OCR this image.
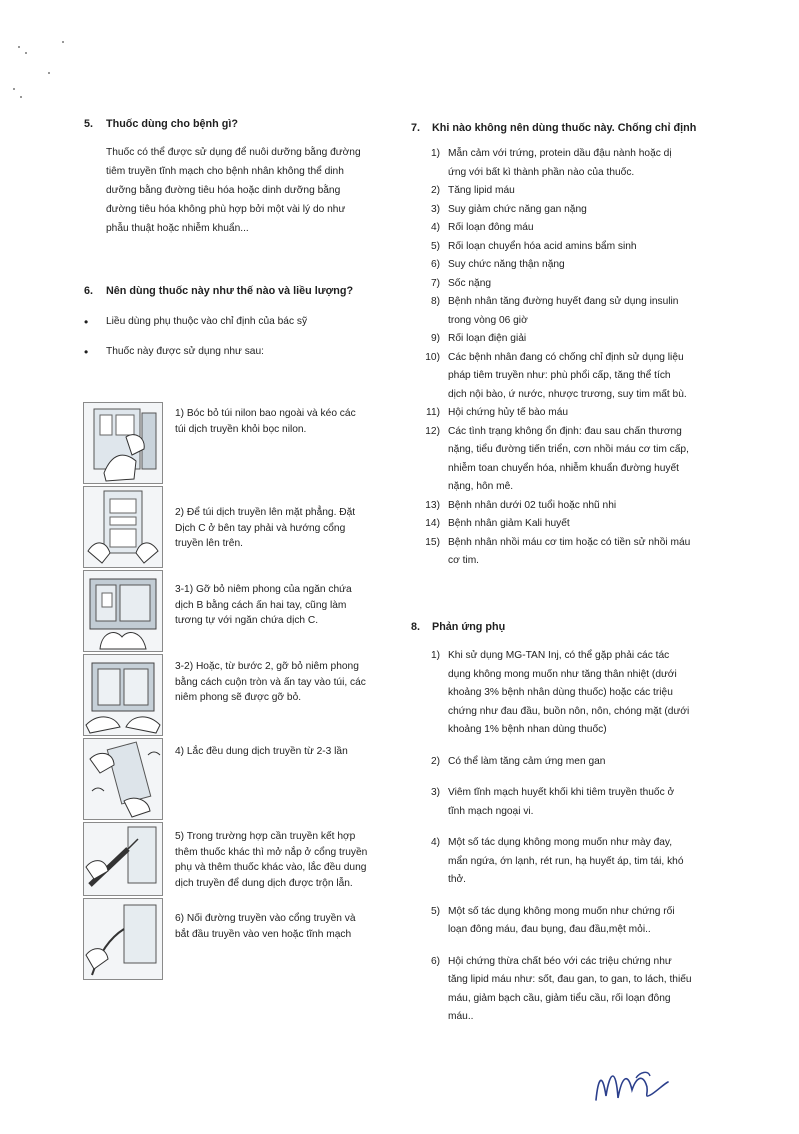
5. Thuốc dùng cho bệnh gì?
Thuốc có thể được sử dụng để nuôi dưỡng bằng đường
tiêm truyền tĩnh mạch cho bệnh nhân không thể dinh
dưỡng bằng đường tiêu hóa hoặc dinh dưỡng bằng
đường tiêu hóa không phù hợp bởi một vài lý do như
phẫu thuật hoặc nhiễm khuẩn...
6. Nên dùng thuốc này như thế nào và liều lượng?
•	Liều dùng phụ thuộc vào chỉ định của bác sỹ
•	Thuốc này được sử dụng như sau:
1) Bóc bỏ túi nilon bao ngoài và kéo các
túi dịch truyền khỏi bọc nilon.
2) Để túi dịch truyền lên mặt phẳng. Đặt
Dịch C ở bên tay phải và hướng cổng
truyền lên trên.
3-1) Gỡ bỏ niêm phong của ngăn chứa
dịch B bằng cách ấn hai tay, cũng làm
tương tự với ngăn chứa dịch C.
3-2) Hoặc, từ bước 2, gỡ bỏ niêm phong
bằng cách cuộn tròn và ấn tay vào túi, các
niêm phong sẽ được gỡ bỏ.
4) Lắc đều dung dịch truyền từ 2-3 lần
5) Trong trường hợp cần truyền kết hợp
thêm thuốc khác thì mở nắp ở cổng truyền
phụ và thêm thuốc khác vào, lắc đều dung
dịch truyền để dung dịch được trộn lẫn.
6) Nối đường truyền vào cổng truyền và
bắt đầu truyền vào ven hoặc tĩnh mạch
7. Khi nào không nên dùng thuốc này. Chống chỉ định
1) Mẫn cảm với trứng, protein dầu đậu nành hoặc dị
ứng với bất kì thành phần nào của thuốc.
2) Tăng lipid máu
3) Suy giảm chức năng gan nặng
4) Rối loạn đông máu
5) Rối loạn chuyển hóa acid amins bẩm sinh
6) Suy chức năng thận nặng
7) Sốc nặng
8) Bệnh nhân tăng đường huyết đang sử dụng insulin
trong vòng 06 giờ
9) Rối loạn điện giải
10) Các bệnh nhân đang có chống chỉ định sử dụng liệu
pháp tiêm truyền như: phù phổi cấp, tăng thể tích
dịch nội bào, ứ nước, nhược trương, suy tim mất bù.
11) Hội chứng hủy tế bào máu
12) Các tình trạng không ổn định: đau sau chấn thương
nặng, tiểu đường tiến triển, cơn nhồi máu cơ tim cấp,
nhiễm toan chuyển hóa, nhiễm khuẩn đường huyết
nặng, hôn mê.
13) Bệnh nhân dưới 02 tuổi hoặc nhũ nhi
14) Bệnh nhân giảm Kali huyết
15) Bệnh nhân nhồi máu cơ tim hoặc có tiền sử nhồi máu
cơ tim.
8. Phản ứng phụ
1) Khi sử dụng MG-TAN Inj, có thể gặp phải các tác
dụng không mong muốn như tăng thân nhiệt (dưới
khoảng 3% bệnh nhân dùng thuốc) hoặc các triệu
chứng như đau đầu, buồn nôn, nôn, chóng mặt (dưới
khoảng 1% bệnh nhan dùng thuốc)
2) Có thể làm tăng cảm ứng men gan
3) Viêm tĩnh mạch huyết khối khi tiêm truyền thuốc ở
tĩnh mạch ngoại vi.
4) Một số tác dụng không mong muốn như mày đay,
mẩn ngứa, ớn lạnh, rét run, hạ huyết áp, tim tái, khó
thở.
5) Một số tác dụng không mong muốn như chứng rối
loạn đông máu, đau bụng, đau đầu,mệt mỏi..
6) Hội chứng thừa chất béo với các triệu chứng như
tăng lipid máu như: sốt, đau gan, to gan, to lách, thiếu
máu, giảm bạch cầu, giảm tiểu cầu, rối loạn đông
máu..
